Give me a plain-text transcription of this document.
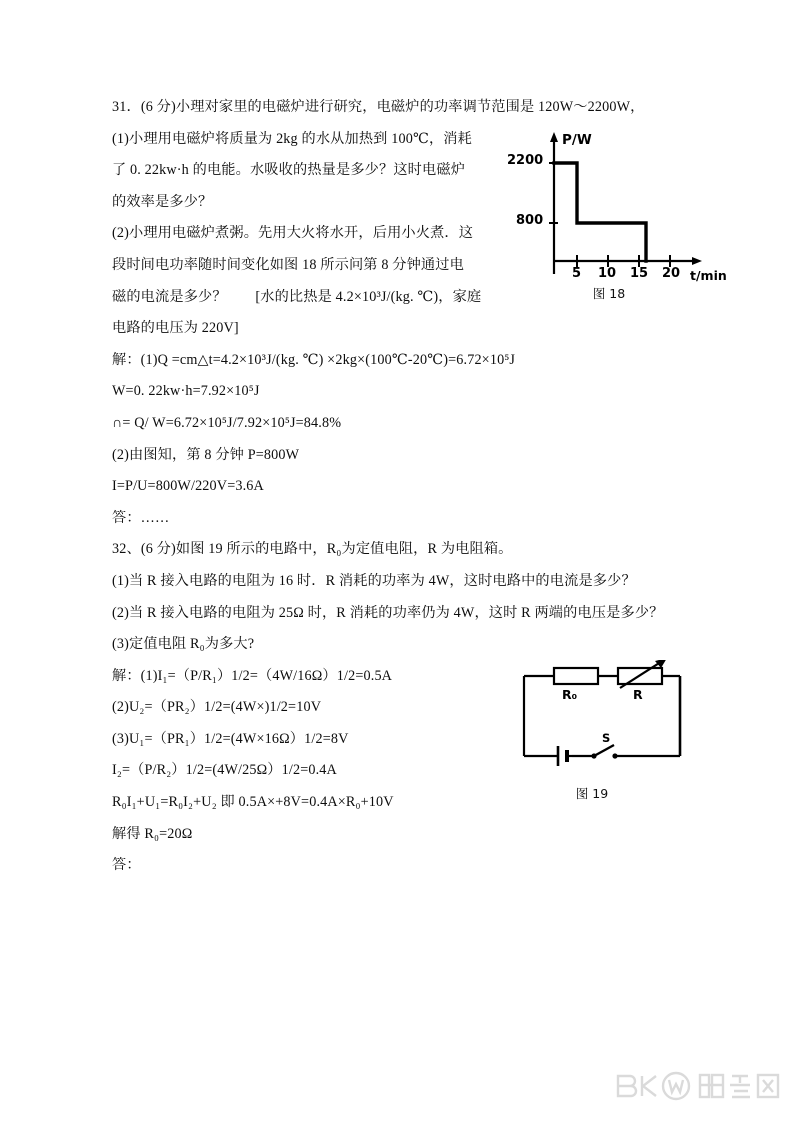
31．(6 分)小理对家里的电磁炉进行研究，电磁炉的功率调节范围是 120W～2200W，
(1)小理用电磁炉将质量为 2kg 的水从加热到 100℃，消耗
了 0. 22kw·h 的电能。水吸收的热量是多少？这时电磁炉
的效率是多少？
(2)小理用电磁炉煮粥。先用大火将水开，后用小火煮．这
段时间电功率随时间变化如图 18 所示问第 8 分钟通过电
磁的电流是多少？　　[水的比热是 4.2×10³J/(kg. ℃)，家庭
电路的电压为 220V]
解：(1)Q =cm△t=4.2×10³J/(kg. ℃) ×2kg×(100℃-20℃)=6.72×10⁵J
W=0. 22kw·h=7.92×10⁵J
∩= Q/ W=6.72×10⁵J/7.92×10⁵J=84.8%
(2)由图知，第 8 分钟 P=800W
I=P/U=800W/220V=3.6A
答：……
32、(6 分)如图 19 所示的电路中，R₀为定值电阻，R 为电阻箱。
(1)当 R 接入电路的电阻为 16 时．R 消耗的功率为 4W，这时电路中的电流是多少？
(2)当 R 接入电路的电阻为 25Ω 时，R 消耗的功率仍为 4W，这时 R 两端的电压是多少？
(3)定值电阻 R₀为多大?
解：(1)I₁=（P/R₁）1/2=（4W/16Ω）1/2=0.5A
(2)U₂=（PR₂）1/2=(4W×)1/2=10V
(3)U₁=（PR₁）1/2=(4W×16Ω）1/2=8V
I₂=（P/R₂）1/2=(4W/25Ω）1/2=0.4A
R₀I₁+U₁=R₀I₂+U₂ 即 0.5A×+8V=0.4A×R₀+10V
解得 R₀=20Ω
答：
P/W
2200
800
5 10 15 20 t/min
图 18
R₀	R
S
图 19
